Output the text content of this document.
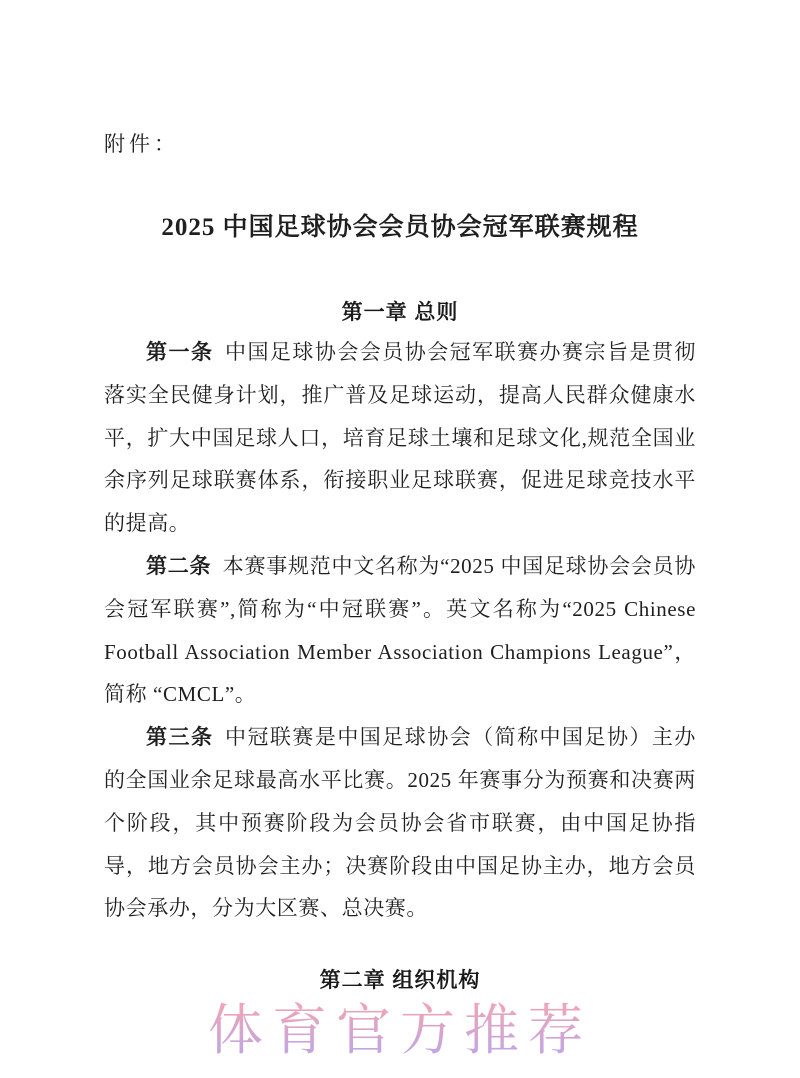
附件：
2025 中国足球协会会员协会冠军联赛规程
第一章 总则

第一条 中国足球协会会员协会冠军联赛办赛宗旨是贯彻落实全民健身计划，推广普及足球运动，提高人民群众健康水平，扩大中国足球人口，培育足球土壤和足球文化,规范全国业余序列足球联赛体系，衔接职业足球联赛，促进足球竞技水平的提高。

第二条 本赛事规范中文名称为“2025 中国足球协会会员协会冠军联赛”,简称为“中冠联赛”。英文名称为“2025 Chinese Football Association Member Association Champions League”，简称 “CMCL”。

第三条 中冠联赛是中国足球协会（简称中国足协）主办的全国业余足球最高水平比赛。2025 年赛事分为预赛和决赛两个阶段，其中预赛阶段为会员协会省市联赛，由中国足协指导，地方会员协会主办；决赛阶段由中国足协主办，地方会员协会承办，分为大区赛、总决赛。

第二章 组织机构
体育官方推荐
